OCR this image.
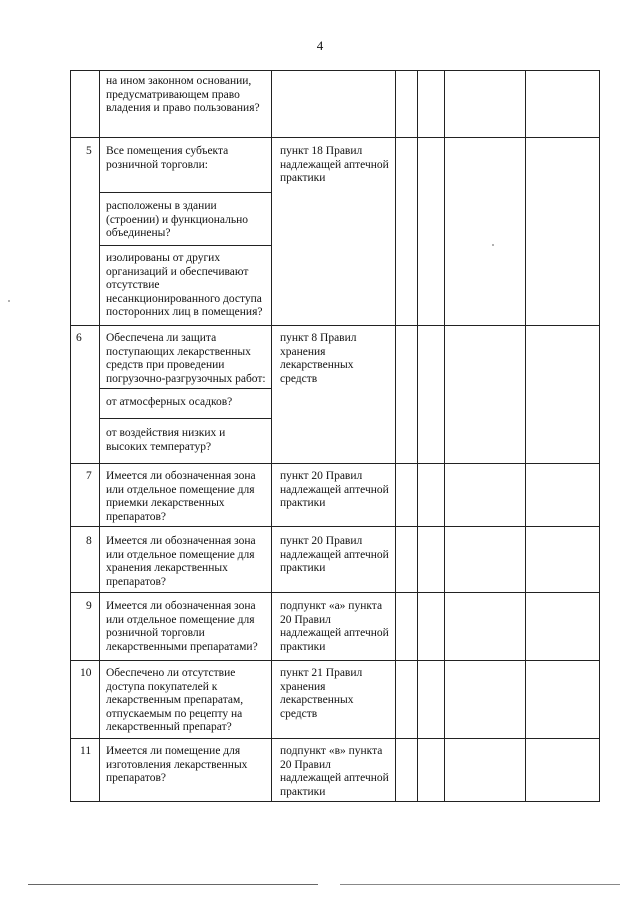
4
на ином законном основании, предусматривающем право владения и право пользования?
5 Все помещения субъекта розничной торговли:
расположены в здании (строении) и функционально объединены?
изолированы от других организаций и обеспечивают отсутствие несанкционированного доступа посторонних лиц в помещения?
пункт 18 Правил надлежащей аптечной практики
6 Обеспечена ли защита поступающих лекарственных средств при проведении погрузочно-разгрузочных работ:
от атмосферных осадков?
от воздействия низких и высоких температур?
пункт 8 Правил хранения лекарственных средств
7 Имеется ли обозначенная зона или отдельное помещение для приемки лекарственных препаратов?
пункт 20 Правил надлежащей аптечной практики
8 Имеется ли обозначенная зона или отдельное помещение для хранения лекарственных препаратов?
пункт 20 Правил надлежащей аптечной практики
9 Имеется ли обозначенная зона или отдельное помещение для розничной торговли лекарственными препаратами?
подпункт «а» пункта 20 Правил надлежащей аптечной практики
10 Обеспечено ли отсутствие доступа покупателей к лекарственным препаратам, отпускаемым по рецепту на лекарственный препарат?
пункт 21 Правил хранения лекарственных средств
11 Имеется ли помещение для изготовления лекарственных препаратов?
подпункт «в» пункта 20 Правил надлежащей аптечной практики
